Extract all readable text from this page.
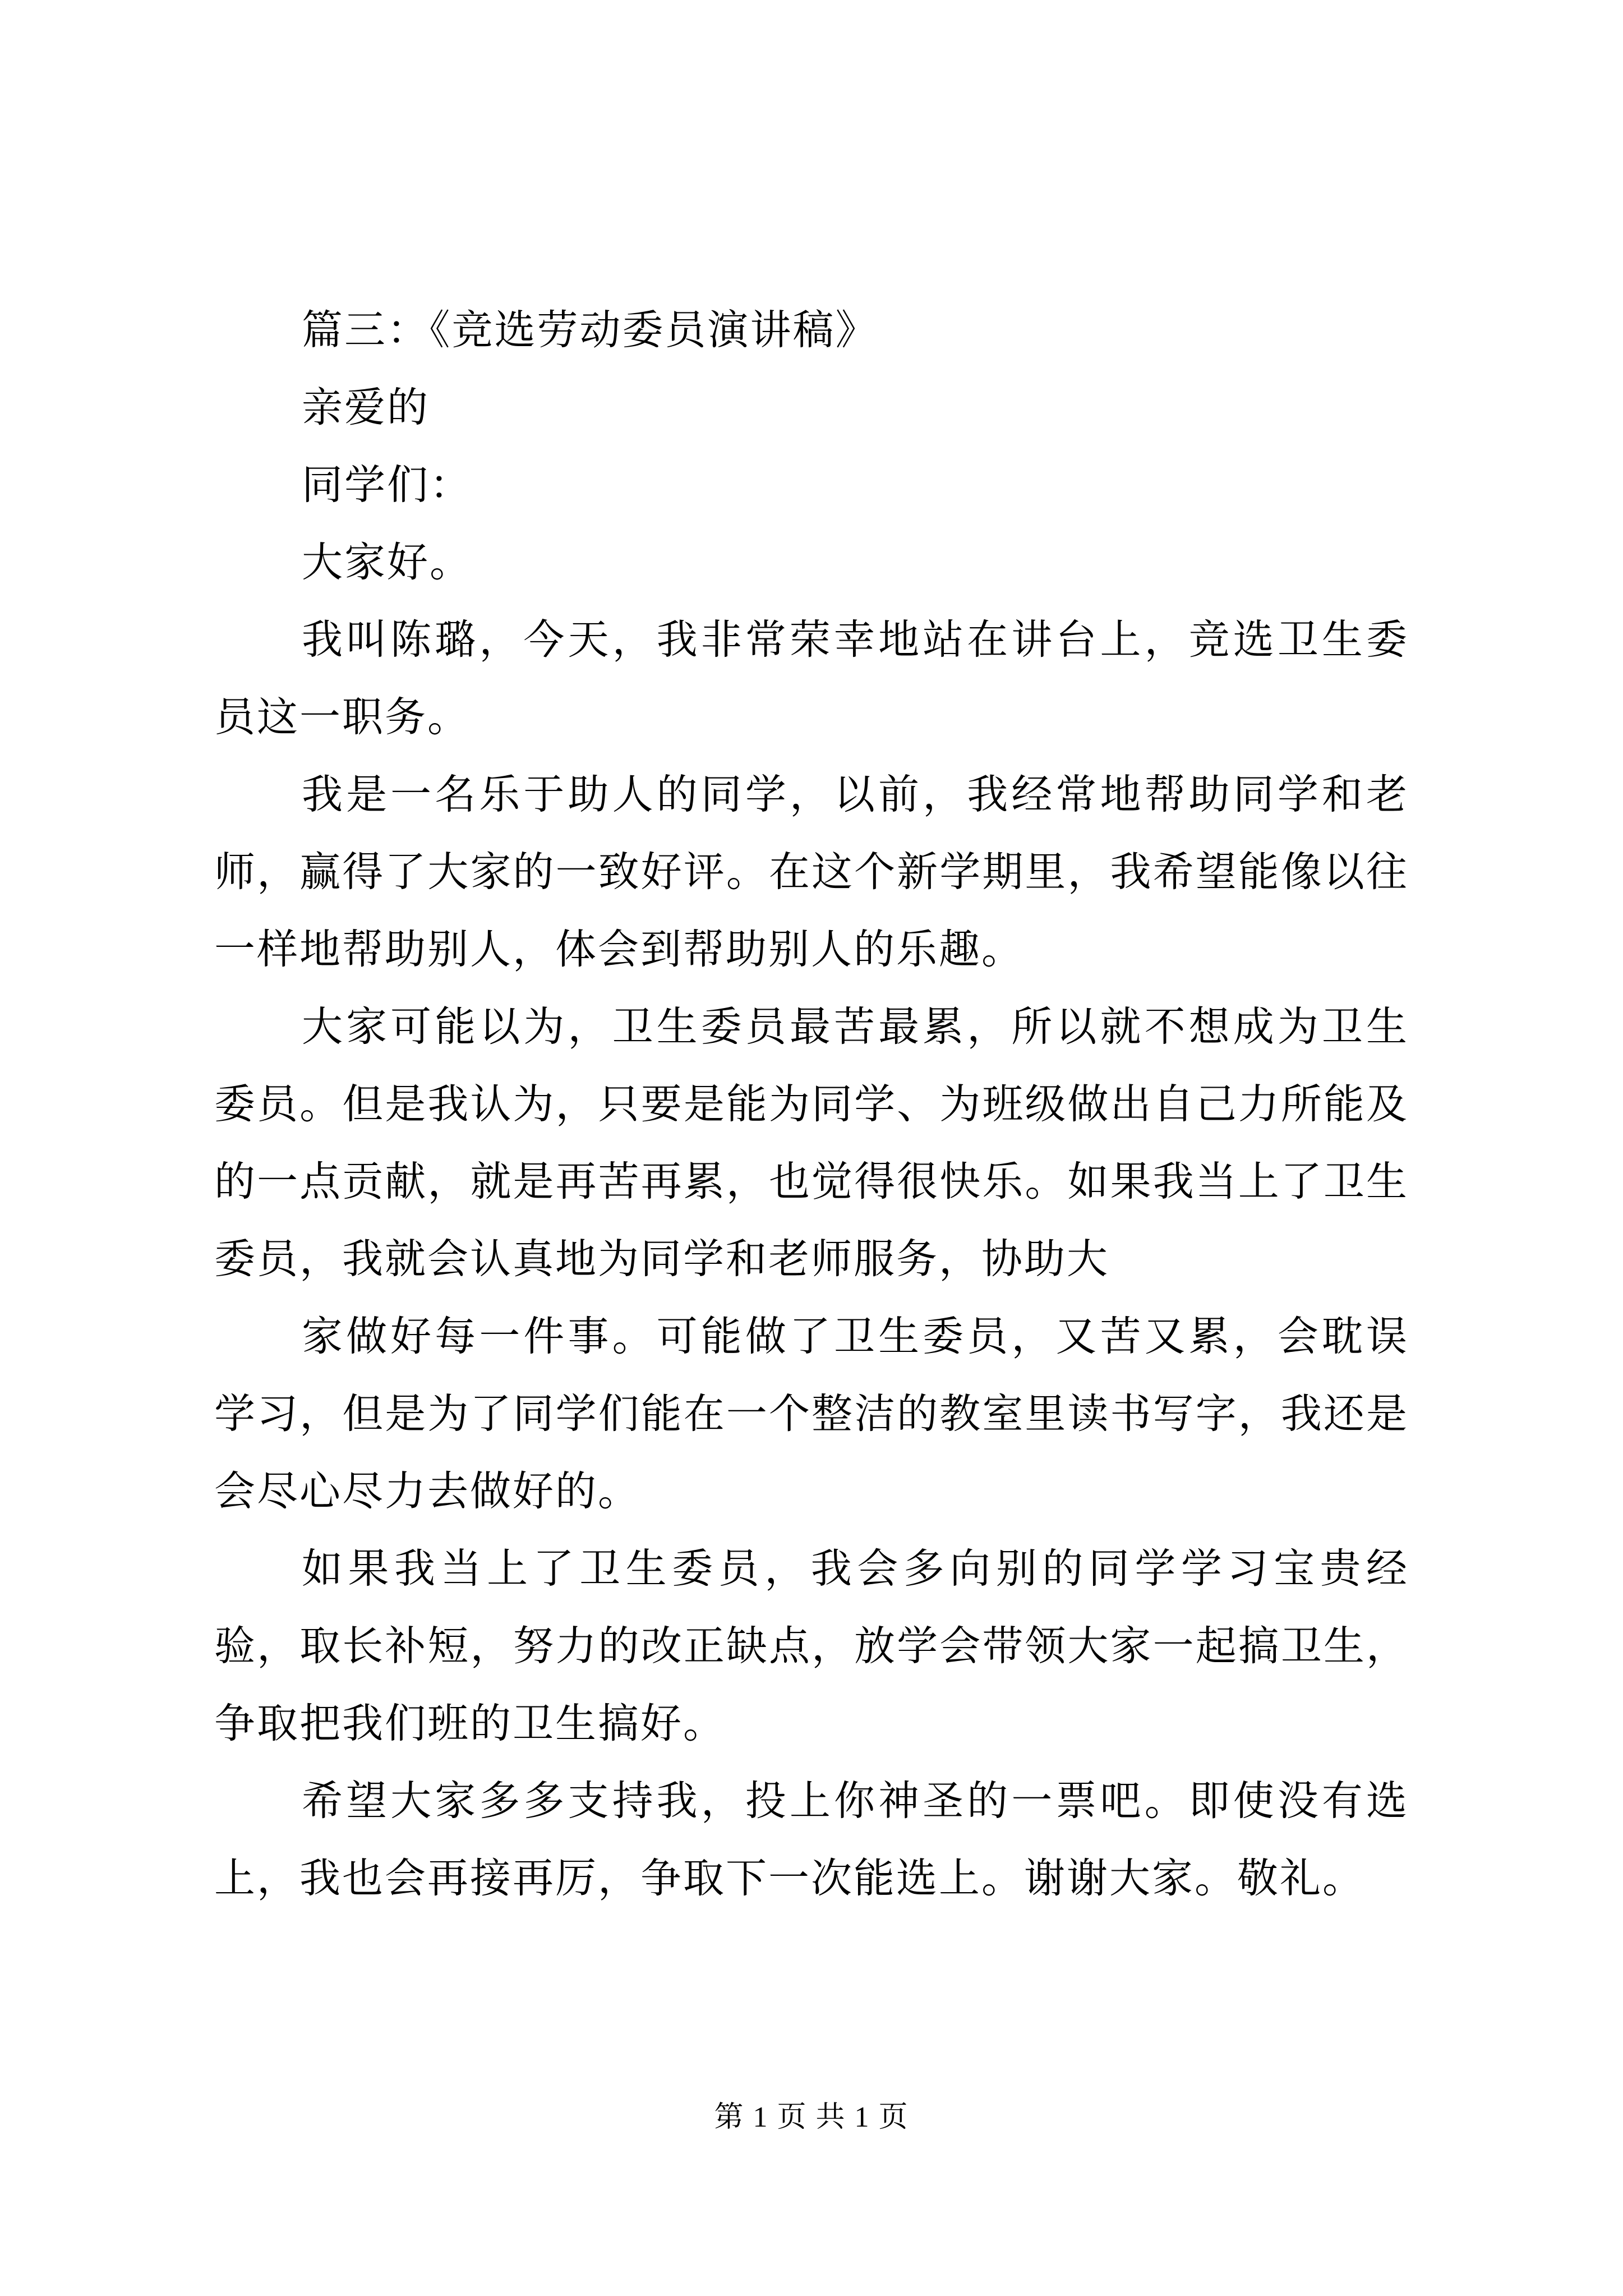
篇三：《竞选劳动委员演讲稿》

亲爱的

同学们：

大家好。

我叫陈璐，今天，我非常荣幸地站在讲台上，竞选卫生委员这一职务。

我是一名乐于助人的同学，以前，我经常地帮助同学和老师，赢得了大家的一致好评。在这个新学期里，我希望能像以往一样地帮助别人，体会到帮助别人的乐趣。

大家可能以为，卫生委员最苦最累，所以就不想成为卫生委员。但是我认为，只要是能为同学、为班级做出自己力所能及的一点贡献，就是再苦再累，也觉得很快乐。如果我当上了卫生委员，我就会认真地为同学和老师服务，协助大

家做好每一件事。可能做了卫生委员，又苦又累，会耽误学习，但是为了同学们能在一个整洁的教室里读书写字，我还是会尽心尽力去做好的。

如果我当上了卫生委员，我会多向别的同学学习宝贵经验，取长补短，努力的改正缺点，放学会带领大家一起搞卫生，争取把我们班的卫生搞好。

希望大家多多支持我，投上你神圣的一票吧。即使没有选上，我也会再接再厉，争取下一次能选上。谢谢大家。敬礼。

第 1 页 共 1 页
